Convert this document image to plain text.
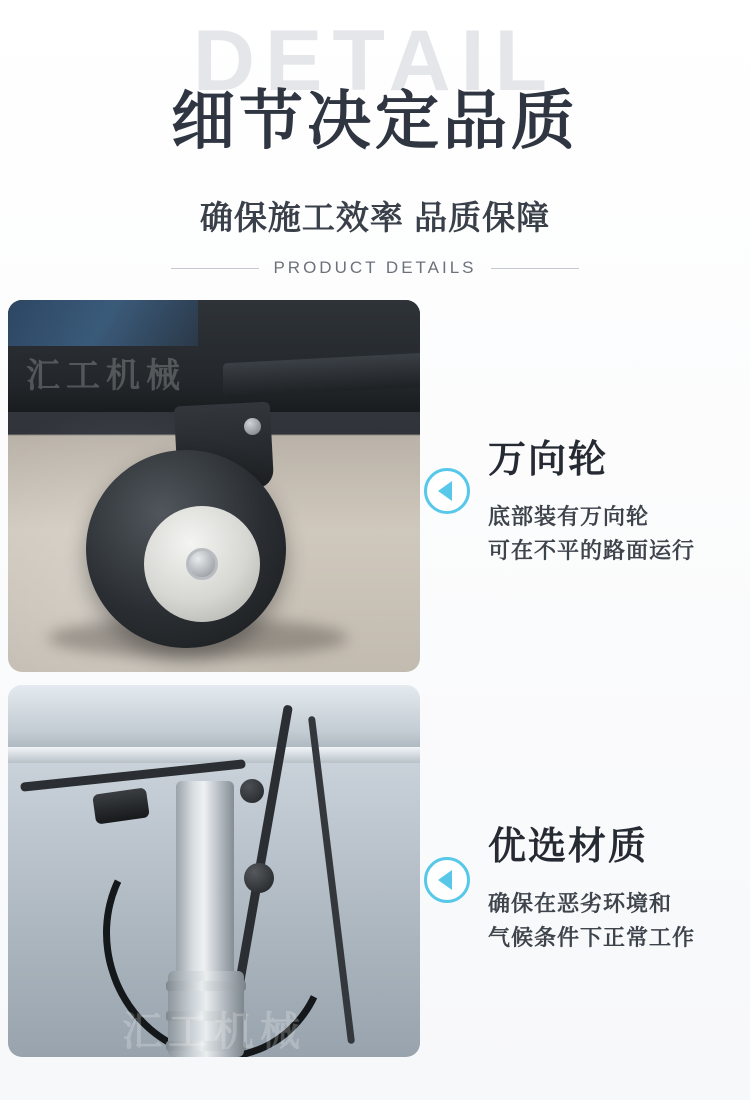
DETAIL
细节决定品质
确保施工效率 品质保障
PRODUCT DETAILS
汇工机械
万向轮
底部装有万向轮
可在不平的路面运行
汇工机械
优选材质
确保在恶劣环境和
气候条件下正常工作
